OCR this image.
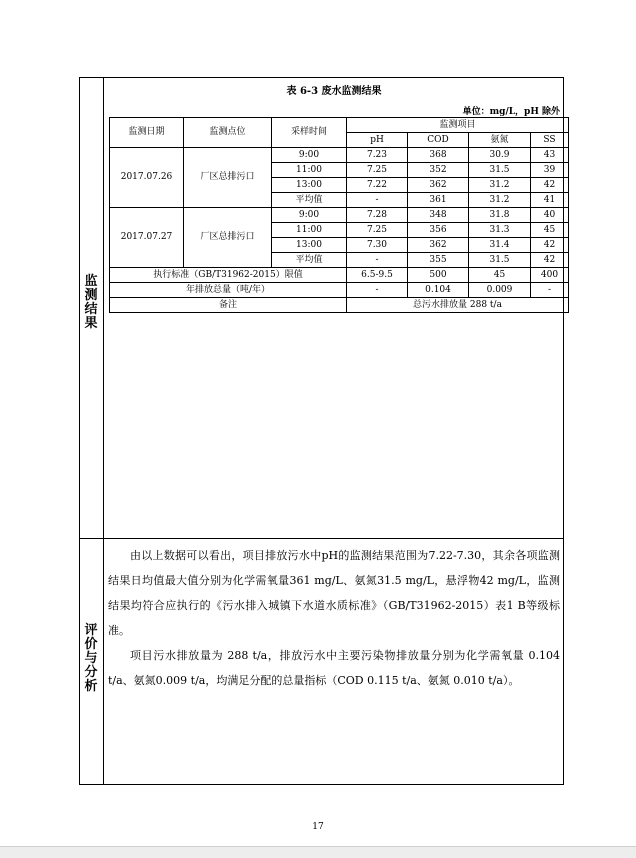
监
测
结
果
评
价
与
分
析
表 6-3 废水监测结果
单位：mg/L，pH 除外
监测日期	监测点位	采样时间	监测项目			
			pH	COD	氨氮	SS
2017.07.26	厂区总排污口	9:00	7.23	368	30.9	43
		11:00	7.25	352	31.5	39
		13:00	7.22	362	31.2	42
		平均值	-	361	31.2	41
2017.07.27	厂区总排污口	9:00	7.28	348	31.8	40
		11:00	7.25	356	31.3	45
		13:00	7.30	362	31.4	42
		平均值	-	355	31.5	42
执行标准（GB/T31962-2015）限值			6.5-9.5	500	45	400
年排放总量（吨/年）			-	0.104	0.009	-
备注			总污水排放量 288 t/a			

由以上数据可以看出，项目排放污水中pH的监测结果范围为7.22-7.30，其余各项监测结果日均值最大值分别为化学需氧量361 mg/L、氨氮31.5 mg/L，悬浮物42 mg/L，监测结果均符合应执行的《污水排入城镇下水道水质标准》（GB/T31962-2015）表1 B等级标准。

项目污水排放量为 288 t/a，排放污水中主要污染物排放量分别为化学需氧量 0.104 t/a、氨氮0.009 t/a，均满足分配的总量指标（COD 0.115 t/a、氨氮 0.010 t/a）。

17
